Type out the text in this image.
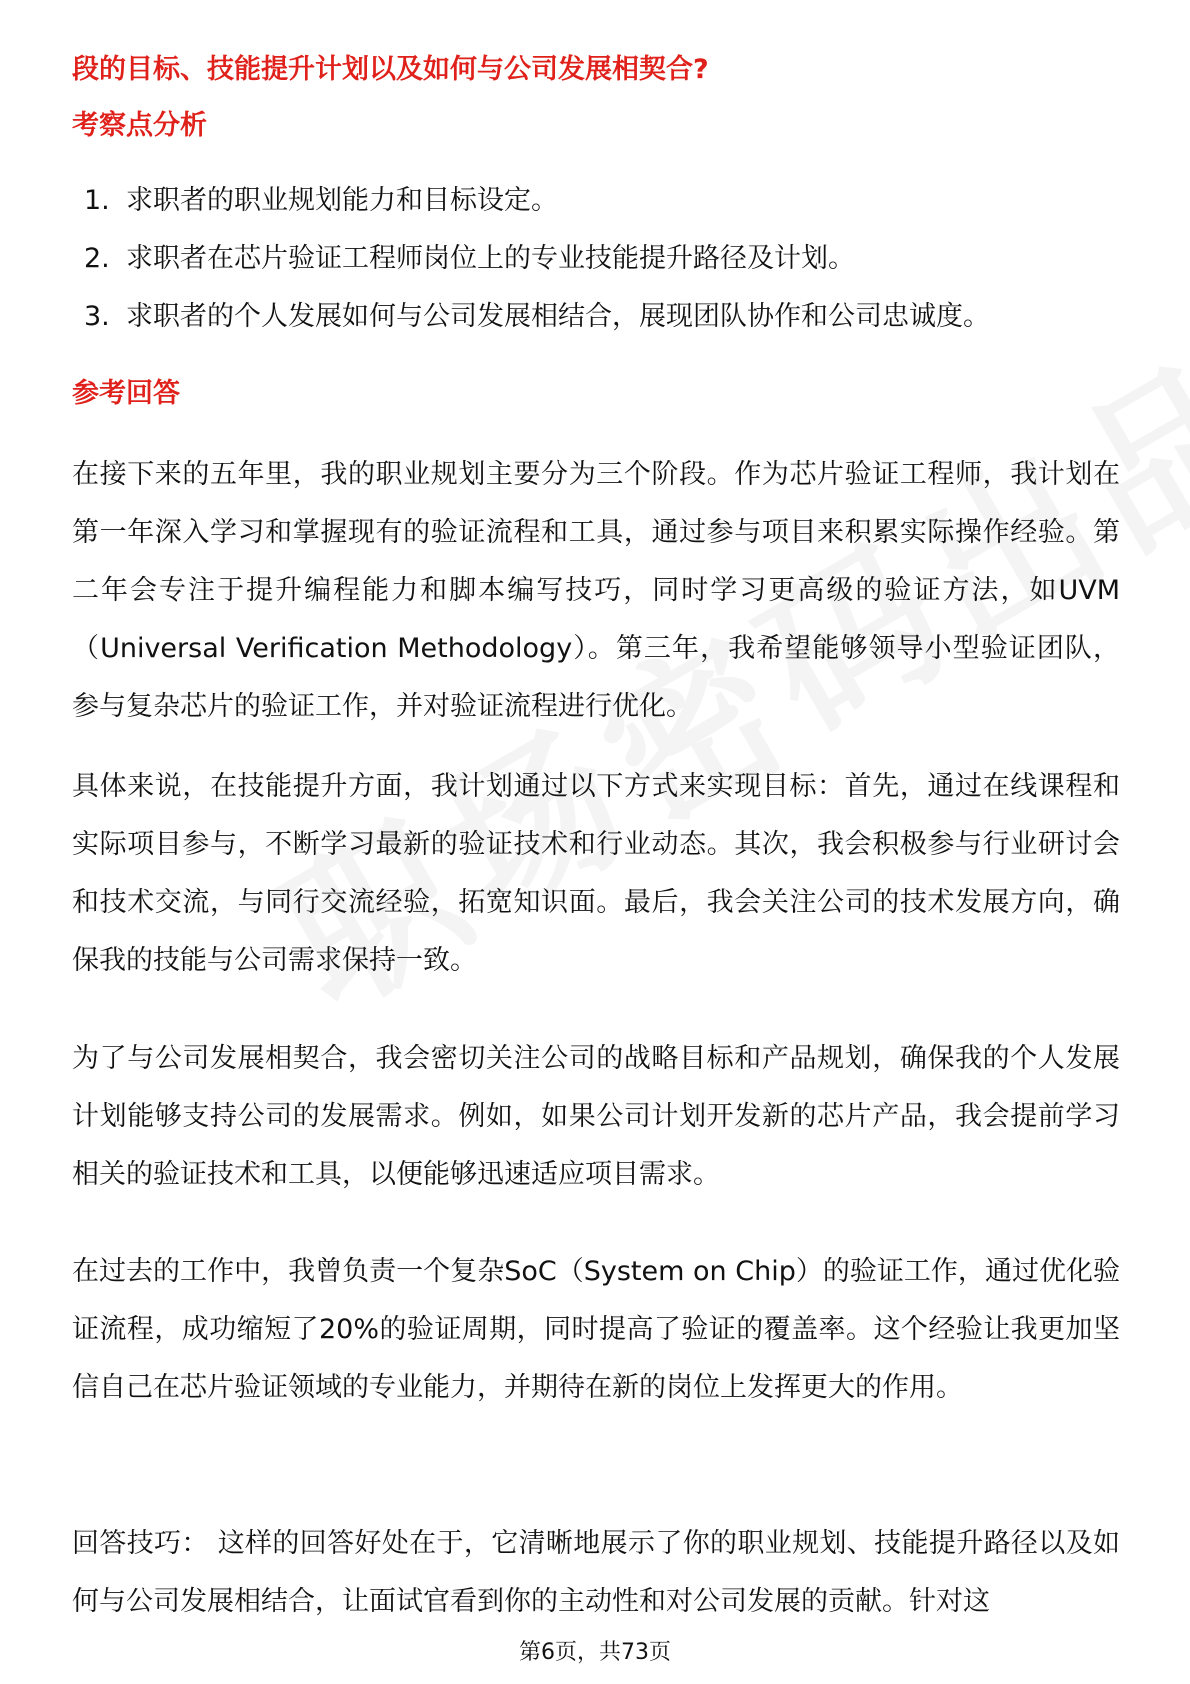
段的目标、技能提升计划以及如何与公司发展相契合?
考察点分析
1. 求职者的职业规划能力和目标设定。
2. 求职者在芯片验证工程师岗位上的专业技能提升路径及计划。
3. 求职者的个人发展如何与公司发展相结合，展现团队协作和公司忠诚度。
参考回答

在接下来的五年里，我的职业规划主要分为三个阶段。作为芯片验证工程师，我计划在第一年深入学习和掌握现有的验证流程和工具，通过参与项目来积累实际操作经验。第二年会专注于提升编程能力和脚本编写技巧，同时学习更高级的验证方法，如UVM（Universal Verification Methodology）。第三年，我希望能够领导小型验证团队，参与复杂芯片的验证工作，并对验证流程进行优化。

具体来说，在技能提升方面，我计划通过以下方式来实现目标：首先，通过在线课程和实际项目参与，不断学习最新的验证技术和行业动态。其次，我会积极参与行业研讨会和技术交流，与同行交流经验，拓宽知识面。最后，我会关注公司的技术发展方向，确保我的技能与公司需求保持一致。

为了与公司发展相契合，我会密切关注公司的战略目标和产品规划，确保我的个人发展计划能够支持公司的发展需求。例如，如果公司计划开发新的芯片产品，我会提前学习相关的验证技术和工具，以便能够迅速适应项目需求。

在过去的工作中，我曾负责一个复杂SoC（System on Chip）的验证工作，通过优化验证流程，成功缩短了20%的验证周期，同时提高了验证的覆盖率。这个经验让我更加坚信自己在芯片验证领域的专业能力，并期待在新的岗位上发挥更大的作用。

回答技巧： 这样的回答好处在于，它清晰地展示了你的职业规划、技能提升路径以及如何与公司发展相结合，让面试官看到你的主动性和对公司发展的贡献。针对这

第6页，共73页
